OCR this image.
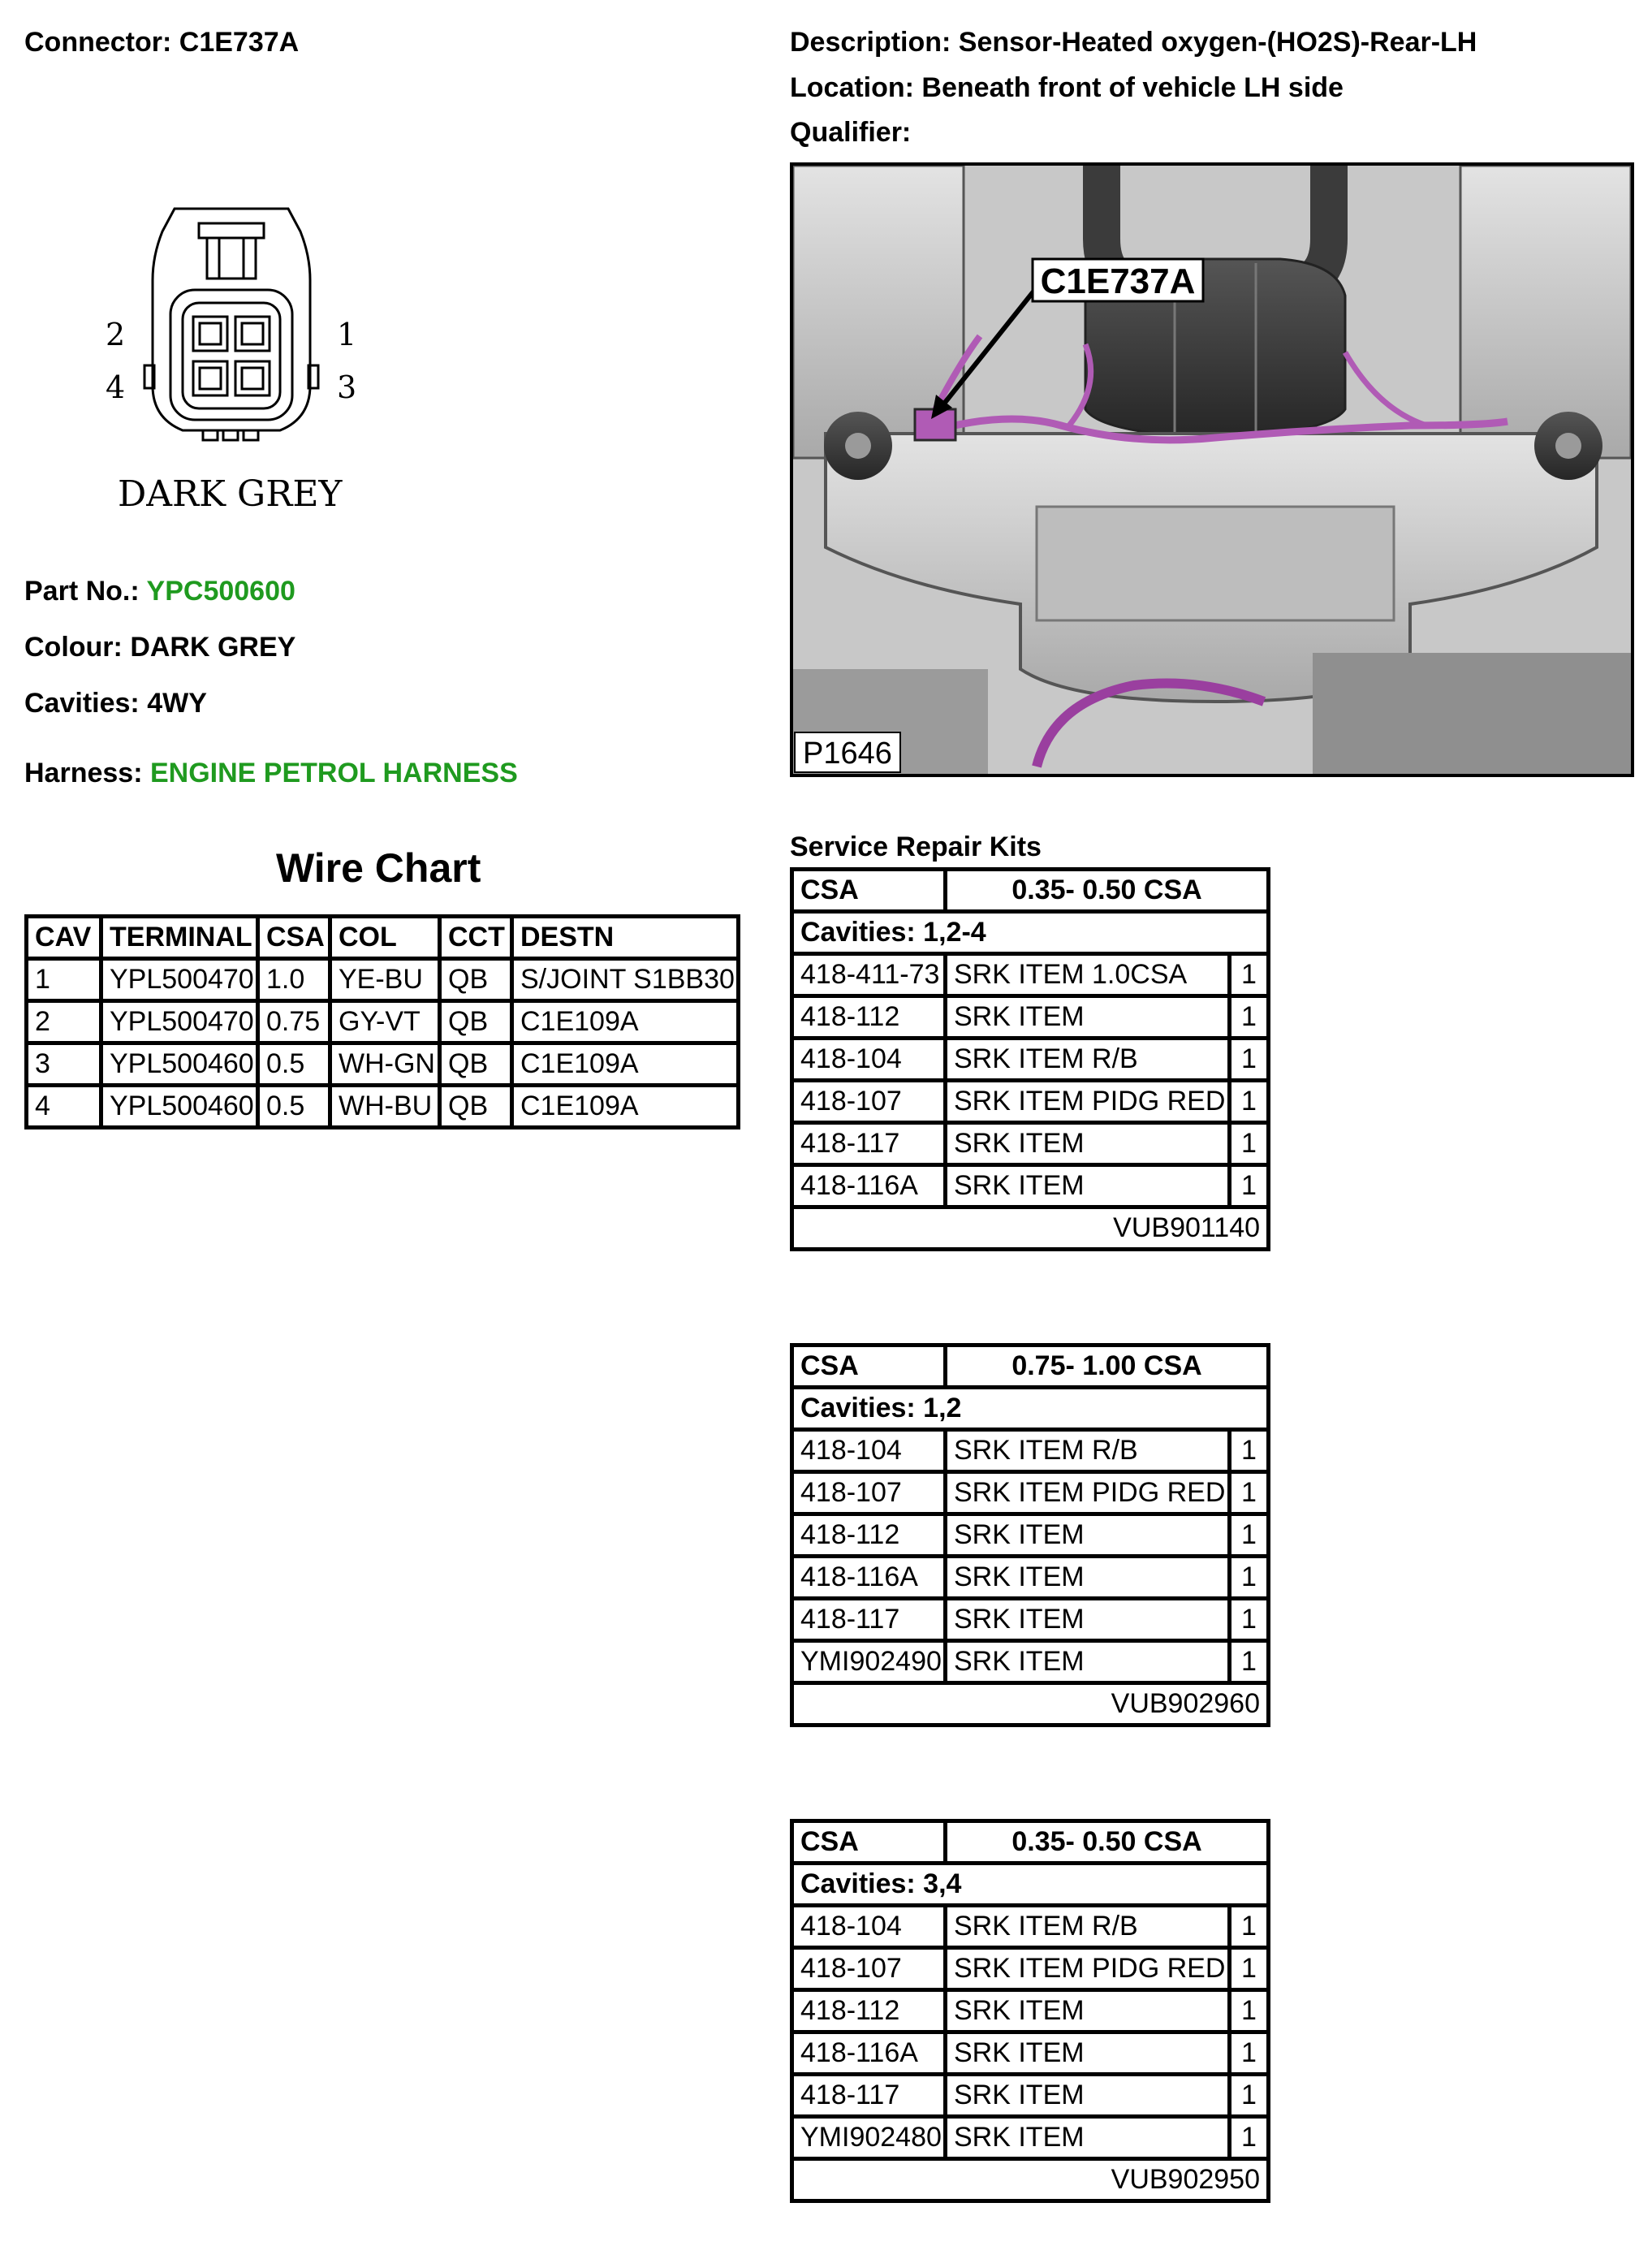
Connector: C1E737A	Description: Sensor-Heated oxygen-(HO2S)-Rear-LH
Location: Beneath front of vehicle LH side
Qualifier:
2	1
4	3
DARK GREY
Part No.: YPC500600
Colour: DARK GREY
Cavities: 4WY
Harness: ENGINE PETROL HARNESS
C1E737A
P1646
Wire Chart
CAV	TERMINAL	CSA	COL	CCT	DESTN
1	YPL500470	1.0	YE-BU	QB	S/JOINT S1BB30
2	YPL500470	0.75	GY-VT	QB	C1E109A
3	YPL500460	0.5	WH-GN	QB	C1E109A
4	YPL500460	0.5	WH-BU	QB	C1E109A
Service Repair Kits
CSA	0.35- 0.50 CSA	
Cavities: 1,2-4		
418-411-73	SRK ITEM 1.0CSA	1
418-112	SRK ITEM	1
418-104	SRK ITEM R/B	1
418-107	SRK ITEM PIDG RED	1
418-117	SRK ITEM	1
418-116A	SRK ITEM	1
VUB901140		
CSA	0.75- 1.00 CSA	
Cavities: 1,2		
418-104	SRK ITEM R/B	1
418-107	SRK ITEM PIDG RED	1
418-112	SRK ITEM	1
418-116A	SRK ITEM	1
418-117	SRK ITEM	1
YMI902490	SRK ITEM	1
VUB902960		
CSA	0.35- 0.50 CSA	
Cavities: 3,4		
418-104	SRK ITEM R/B	1
418-107	SRK ITEM PIDG RED	1
418-112	SRK ITEM	1
418-116A	SRK ITEM	1
418-117	SRK ITEM	1
YMI902480	SRK ITEM	1
VUB902950		
